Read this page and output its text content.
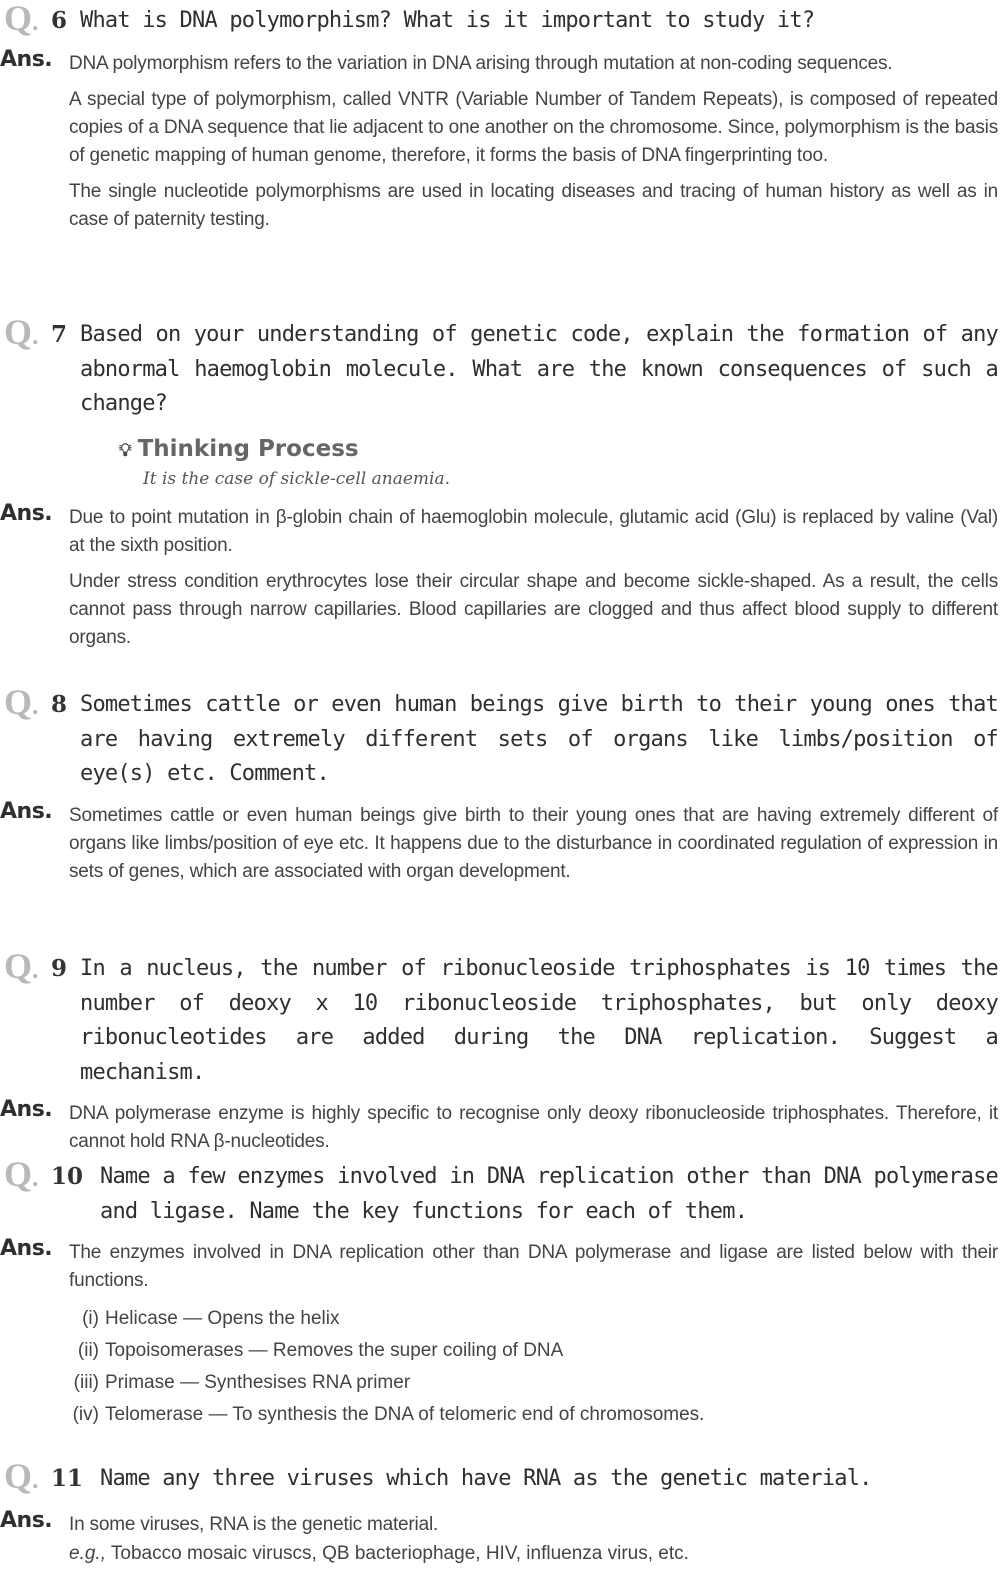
Q. 6 What is DNA polymorphism? What is it important to study it?
Ans. DNA polymorphism refers to the variation in DNA arising through mutation at non-coding sequences.

A special type of polymorphism, called VNTR (Variable Number of Tandem Repeats), is composed of repeated copies of a DNA sequence that lie adjacent to one another on the chromosome. Since, polymorphism is the basis of genetic mapping of human genome, therefore, it forms the basis of DNA fingerprinting too.

The single nucleotide polymorphisms are used in locating diseases and tracing of human history as well as in case of paternity testing.

Q. 7 Based on your understanding of genetic code, explain the formation of any abnormal haemoglobin molecule. What are the known consequences of such a change?
💡︎ Thinking Process
It is the case of sickle-cell anaemia.
Ans. Due to point mutation in β-globin chain of haemoglobin molecule, glutamic acid (Glu) is replaced by valine (Val) at the sixth position.

Under stress condition erythrocytes lose their circular shape and become sickle-shaped. As a result, the cells cannot pass through narrow capillaries. Blood capillaries are clogged and thus affect blood supply to different organs.

Q. 8 Sometimes cattle or even human beings give birth to their young ones that are having extremely different sets of organs like limbs/position of eye(s) etc. Comment.
Ans. Sometimes cattle or even human beings give birth to their young ones that are having extremely different of organs like limbs/position of eye etc. It happens due to the disturbance in coordinated regulation of expression in sets of genes, which are associated with organ development.

Q. 9 In a nucleus, the number of ribonucleoside triphosphates is 10 times the number of deoxy x 10 ribonucleoside triphosphates, but only deoxy ribonucleotides are added during the DNA replication. Suggest a mechanism.
Ans. DNA polymerase enzyme is highly specific to recognise only deoxy ribonucleoside triphosphates. Therefore, it cannot hold RNA β-nucleotides.

Q. 10 Name a few enzymes involved in DNA replication other than DNA polymerase and ligase. Name the key functions for each of them.
Ans. The enzymes involved in DNA replication other than DNA polymerase and ligase are listed below with their functions.

(i) Helicase — Opens the helix
(ii) Topoisomerases — Removes the super coiling of DNA
(iii) Primase — Synthesises RNA primer
(iv) Telomerase — To synthesis the DNA of telomeric end of chromosomes.
Q. 11 Name any three viruses which have RNA as the genetic material.
Ans. In some viruses, RNA is the genetic material.

e.g., Tobacco mosaic viruscs, QB bacteriophage, HIV, influenza virus, etc.
